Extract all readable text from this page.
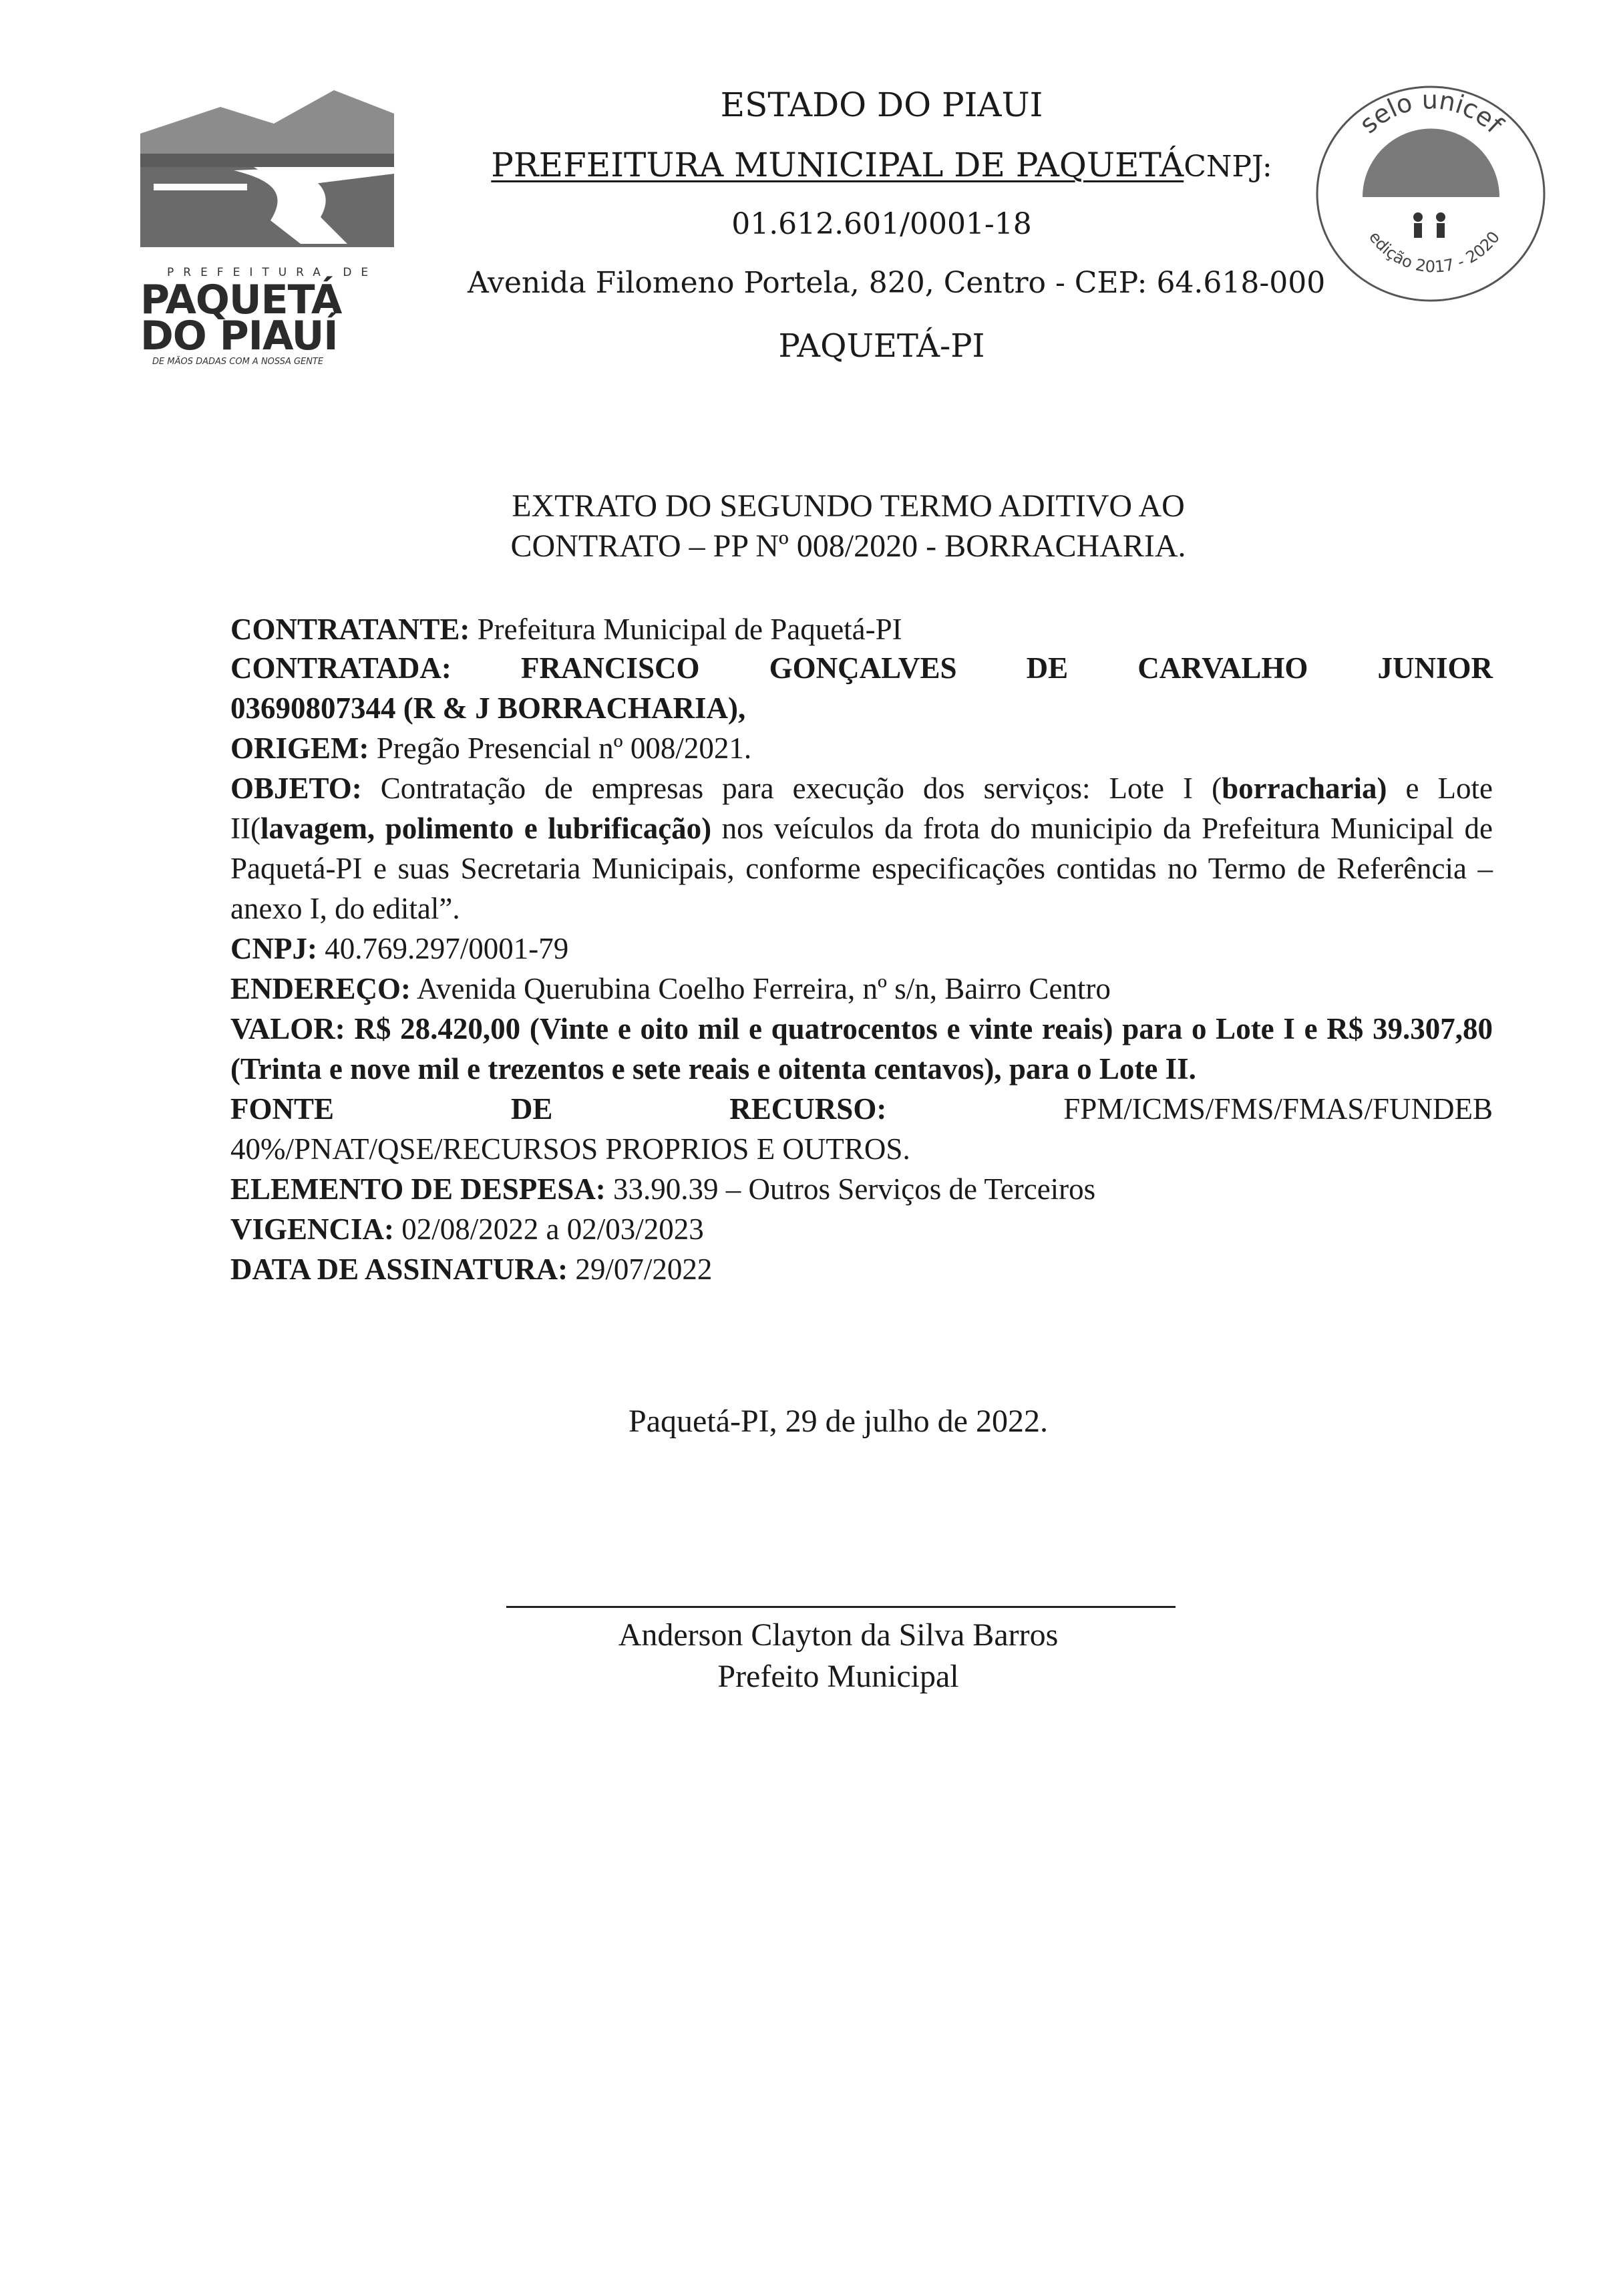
PREFEITURA DE
PAQUETÁ
DO PIAUÍ
DE MÃOS DADAS COM A NOSSA GENTE
ESTADO DO PIAUI
PREFEITURA MUNICIPAL DE PAQUETÁCNPJ:
01.612.601/0001-18
Avenida Filomeno Portela, 820, Centro - CEP: 64.618-000
PAQUETÁ-PI
selo unicef
edição 2017 - 2020
EXTRATO DO SEGUNDO TERMO ADITIVO AO
CONTRATO – PP Nº 008/2020 - BORRACHARIA.
CONTRATANTE: Prefeitura Municipal de Paquetá-PI
CONTRATADA: FRANCISCO GONÇALVES DE CARVALHO JUNIOR
03690807344 (R & J BORRACHARIA),
ORIGEM: Pregão Presencial nº 008/2021.
OBJETO: Contratação de empresas para execução dos serviços: Lote I (borracharia) e Lote II(lavagem, polimento e lubrificação) nos veículos da frota do municipio da Prefeitura Municipal de Paquetá-PI e suas Secretaria Municipais, conforme especificações contidas no Termo de Referência – anexo I, do edital”.
CNPJ: 40.769.297/0001-79
ENDEREÇO: Avenida Querubina Coelho Ferreira, nº s/n, Bairro Centro
VALOR: R$ 28.420,00 (Vinte e oito mil e quatrocentos e vinte reais) para o Lote I e R$ 39.307,80 (Trinta e nove mil e trezentos e sete reais e oitenta centavos), para o Lote II.
FONTE	DE	RECURSO:	FPM/ICMS/FMS/FMAS/FUNDEB
40%/PNAT/QSE/RECURSOS PROPRIOS E OUTROS.
ELEMENTO DE DESPESA: 33.90.39 – Outros Serviços de Terceiros
VIGENCIA: 02/08/2022 a 02/03/2023
DATA DE ASSINATURA: 29/07/2022
Paquetá-PI, 29 de julho de 2022.
Anderson Clayton da Silva Barros
Prefeito Municipal
